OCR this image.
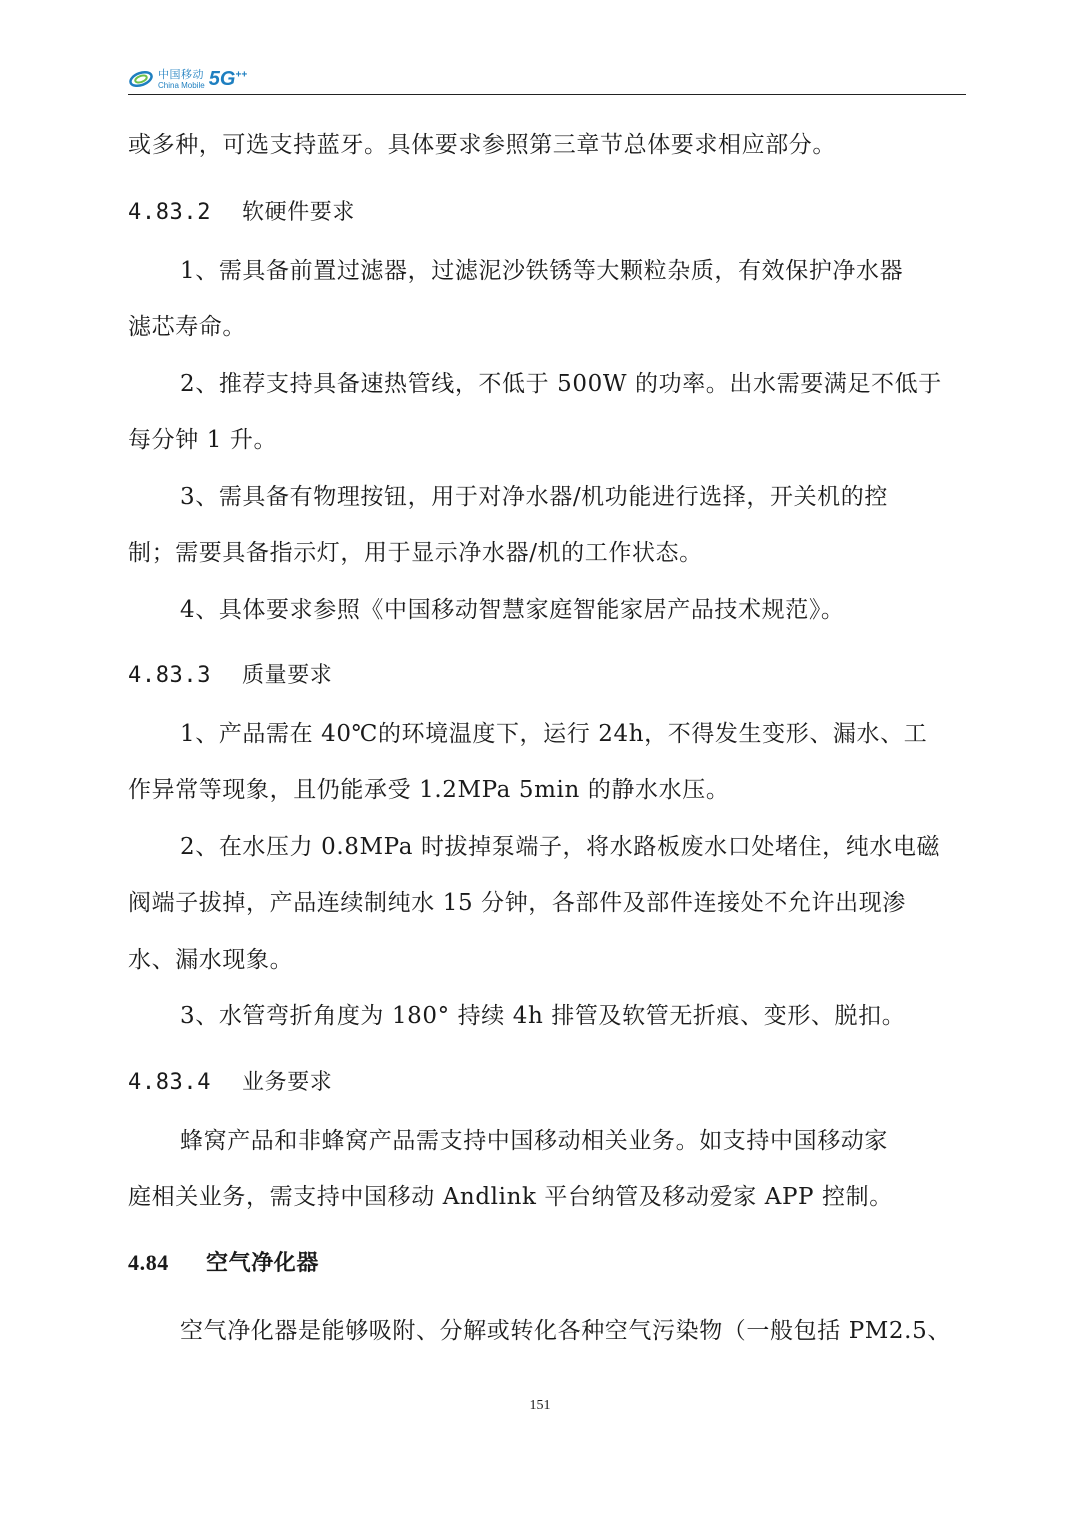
中国移动
China Mobile 5G++
或多种，可选支持蓝牙。具体要求参照第三章节总体要求相应部分。
4.83.2 软硬件要求
1、需具备前置过滤器，过滤泥沙铁锈等大颗粒杂质，有效保护净水器
滤芯寿命。
2、推荐支持具备速热管线，不低于 500W 的功率。出水需要满足不低于
每分钟 1 升。
3、需具备有物理按钮，用于对净水器/机功能进行选择，开关机的控
制；需要具备指示灯，用于显示净水器/机的工作状态。
4、具体要求参照《中国移动智慧家庭智能家居产品技术规范》。
4.83.3 质量要求
1、产品需在 40℃的环境温度下，运行 24h，不得发生变形、漏水、工
作异常等现象，且仍能承受 1.2MPa 5min 的静水水压。
2、在水压力 0.8MPa 时拔掉泵端子，将水路板废水口处堵住，纯水电磁
阀端子拔掉，产品连续制纯水 15 分钟，各部件及部件连接处不允许出现渗
水、漏水现象。
3、水管弯折角度为 180° 持续 4h 排管及软管无折痕、变形、脱扣。
4.83.4 业务要求
蜂窝产品和非蜂窝产品需支持中国移动相关业务。如支持中国移动家
庭相关业务，需支持中国移动 Andlink 平台纳管及移动爱家 APP 控制。
4.84 空气净化器
空气净化器是能够吸附、分解或转化各种空气污染物（一般包括 PM2.5、
151
